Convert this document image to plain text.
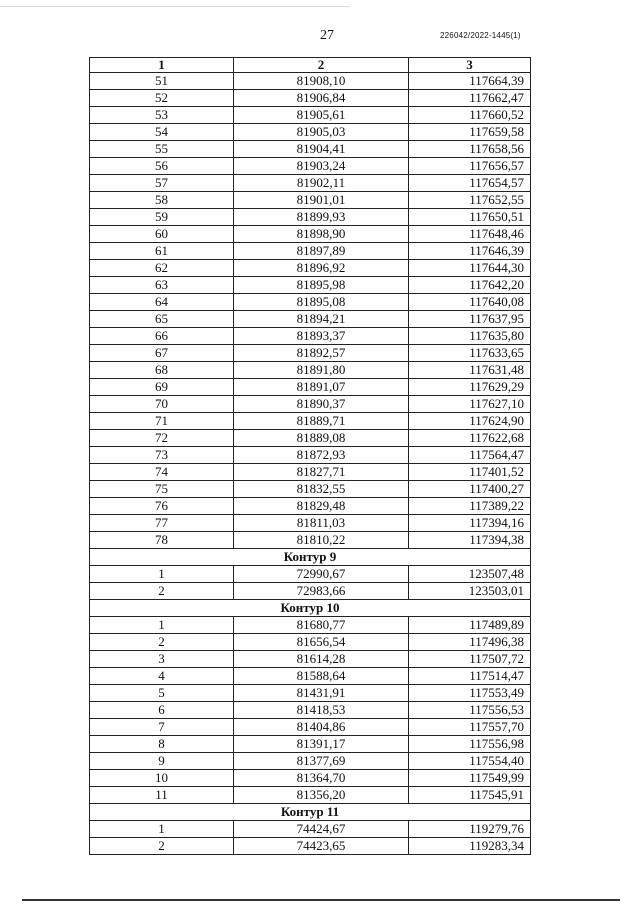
27	226042/2022-1445(1)
1	2	3
51	81908,10	117664,39
52	81906,84	117662,47
53	81905,61	117660,52
54	81905,03	117659,58
55	81904,41	117658,56
56	81903,24	117656,57
57	81902,11	117654,57
58	81901,01	117652,55
59	81899,93	117650,51
60	81898,90	117648,46
61	81897,89	117646,39
62	81896,92	117644,30
63	81895,98	117642,20
64	81895,08	117640,08
65	81894,21	117637,95
66	81893,37	117635,80
67	81892,57	117633,65
68	81891,80	117631,48
69	81891,07	117629,29
70	81890,37	117627,10
71	81889,71	117624,90
72	81889,08	117622,68
73	81872,93	117564,47
74	81827,71	117401,52
75	81832,55	117400,27
76	81829,48	117389,22
77	81811,03	117394,16
78	81810,22	117394,38
Контур 9		
1	72990,67	123507,48
2	72983,66	123503,01
Контур 10		
1	81680,77	117489,89
2	81656,54	117496,38
3	81614,28	117507,72
4	81588,64	117514,47
5	81431,91	117553,49
6	81418,53	117556,53
7	81404,86	117557,70
8	81391,17	117556,98
9	81377,69	117554,40
10	81364,70	117549,99
11	81356,20	117545,91
Контур 11		
1	74424,67	119279,76
2	74423,65	119283,34
